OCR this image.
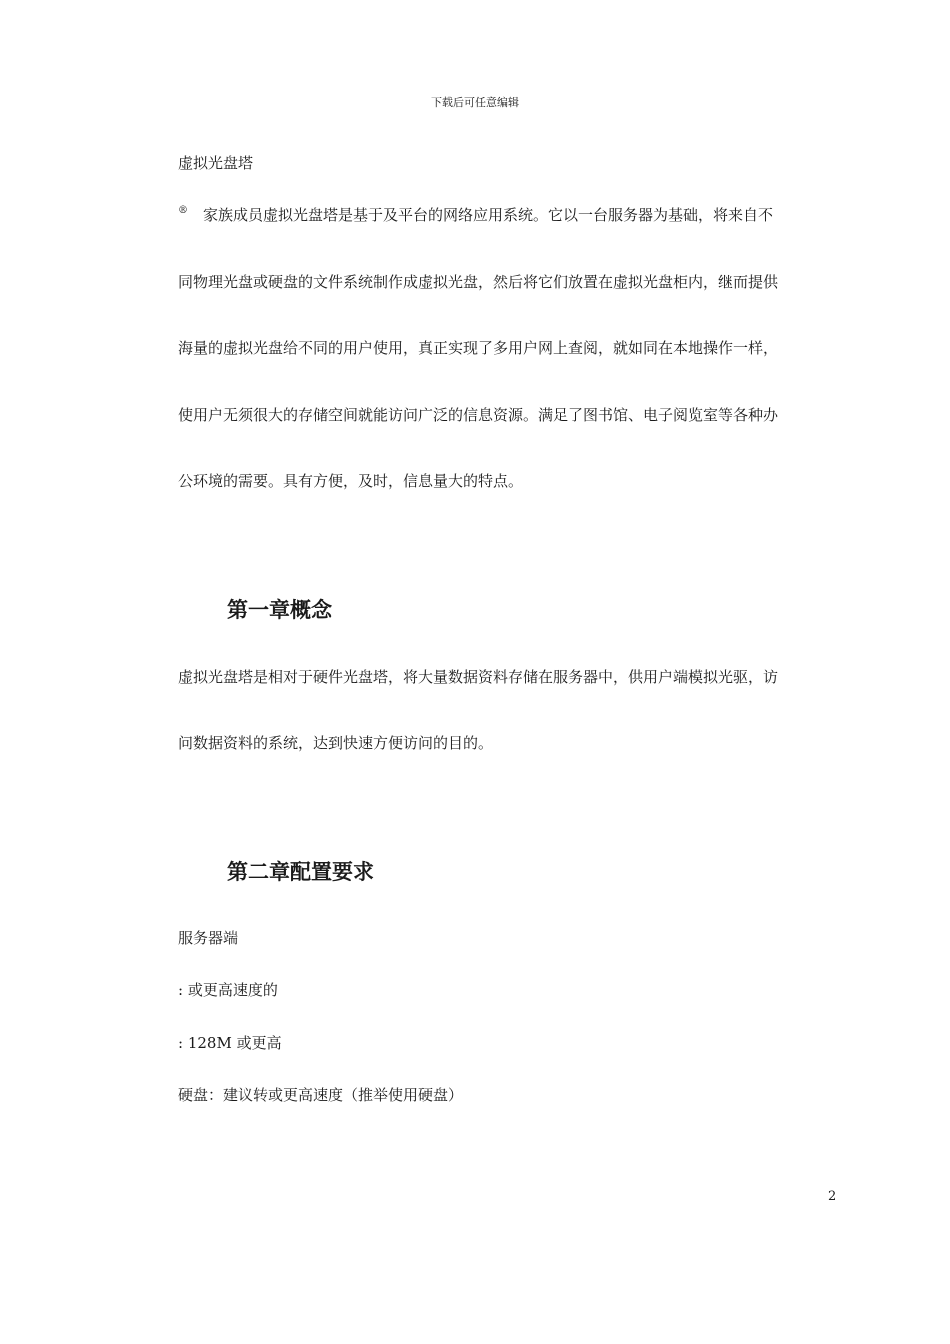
下载后可任意编辑
虚拟光盘塔
® 家族成员虚拟光盘塔是基于及平台的网络应用系统。它以一台服务器为基础，将来自不
同物理光盘或硬盘的文件系统制作成虚拟光盘，然后将它们放置在虚拟光盘柜内，继而提供
海量的虚拟光盘给不同的用户使用，真正实现了多用户网上查阅，就如同在本地操作一样，
使用户无须很大的存储空间就能访问广泛的信息资源。满足了图书馆、电子阅览室等各种办
公环境的需要。具有方便，及时，信息量大的特点。
第一章概念
虚拟光盘塔是相对于硬件光盘塔，将大量数据资料存储在服务器中，供用户端模拟光驱，访
问数据资料的系统，达到快速方便访问的目的。
第二章配置要求
服务器端
: 或更高速度的
: 128M 或更高
硬盘：建议转或更高速度（推举使用硬盘）
2
